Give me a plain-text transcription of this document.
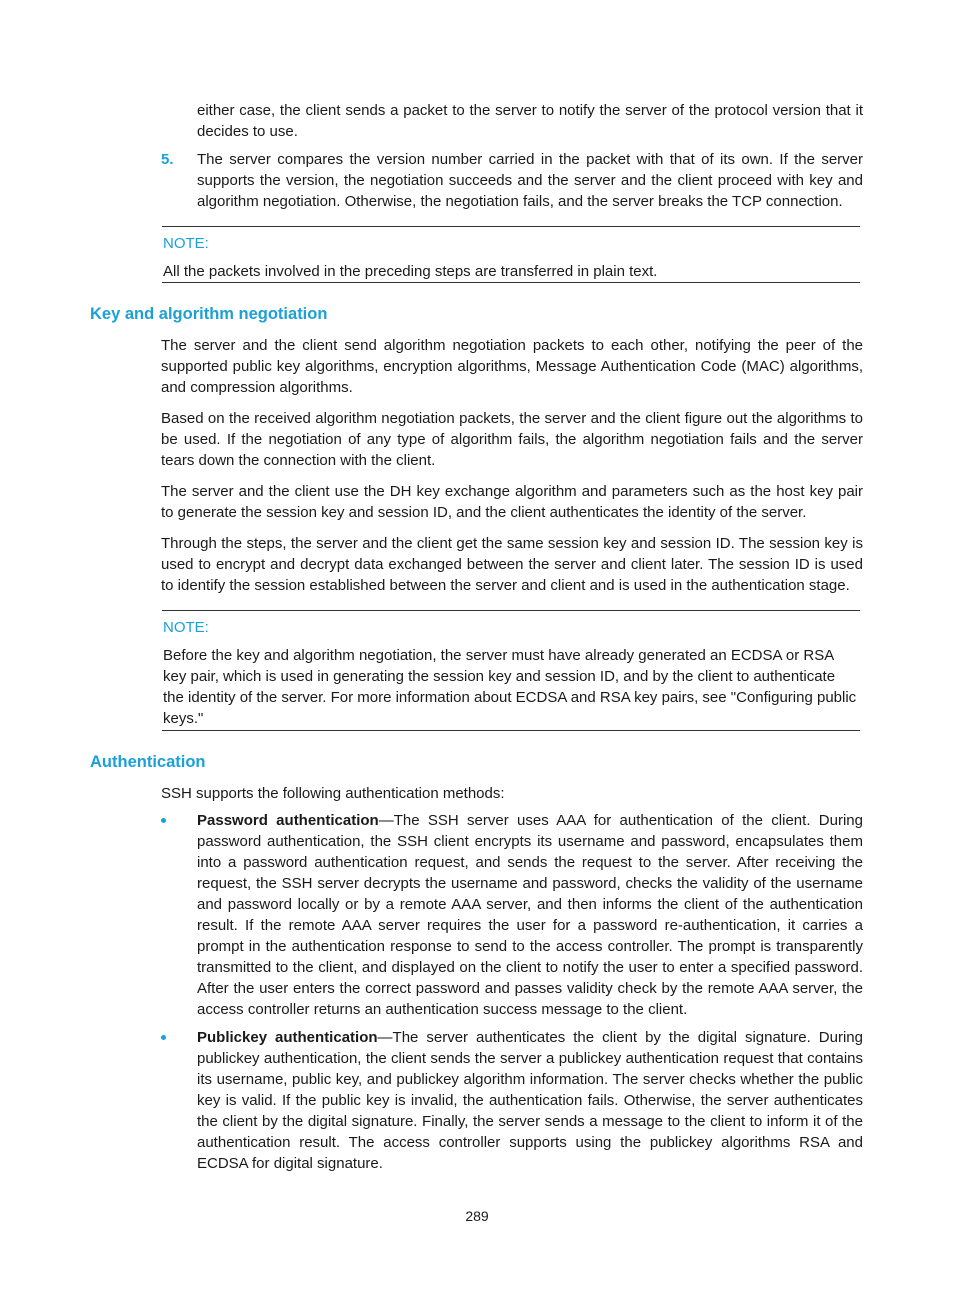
either case, the client sends a packet to the server to notify the server of the protocol version that it decides to use.

5. The server compares the version number carried in the packet with that of its own. If the server supports the version, the negotiation succeeds and the server and the client proceed with key and algorithm negotiation. Otherwise, the negotiation fails, and the server breaks the TCP connection.

NOTE:

All the packets involved in the preceding steps are transferred in plain text.

Key and algorithm negotiation

The server and the client send algorithm negotiation packets to each other, notifying the peer of the supported public key algorithms, encryption algorithms, Message Authentication Code (MAC) algorithms, and compression algorithms.

Based on the received algorithm negotiation packets, the server and the client figure out the algorithms to be used. If the negotiation of any type of algorithm fails, the algorithm negotiation fails and the server tears down the connection with the client.

The server and the client use the DH key exchange algorithm and parameters such as the host key pair to generate the session key and session ID, and the client authenticates the identity of the server.

Through the steps, the server and the client get the same session key and session ID. The session key is used to encrypt and decrypt data exchanged between the server and client later. The session ID is used to identify the session established between the server and client and is used in the authentication stage.

NOTE:

Before the key and algorithm negotiation, the server must have already generated an ECDSA or RSA key pair, which is used in generating the session key and session ID, and by the client to authenticate the identity of the server. For more information about ECDSA and RSA key pairs, see "Configuring public keys."

Authentication

SSH supports the following authentication methods:

Password authentication—The SSH server uses AAA for authentication of the client. During password authentication, the SSH client encrypts its username and password, encapsulates them into a password authentication request, and sends the request to the server. After receiving the request, the SSH server decrypts the username and password, checks the validity of the username and password locally or by a remote AAA server, and then informs the client of the authentication result. If the remote AAA server requires the user for a password re-authentication, it carries a prompt in the authentication response to send to the access controller. The prompt is transparently transmitted to the client, and displayed on the client to notify the user to enter a specified password. After the user enters the correct password and passes validity check by the remote AAA server, the access controller returns an authentication success message to the client.

Publickey authentication—The server authenticates the client by the digital signature. During publickey authentication, the client sends the server a publickey authentication request that contains its username, public key, and publickey algorithm information. The server checks whether the public key is valid. If the public key is invalid, the authentication fails. Otherwise, the server authenticates the client by the digital signature. Finally, the server sends a message to the client to inform it of the authentication result. The access controller supports using the publickey algorithms RSA and ECDSA for digital signature.

289
